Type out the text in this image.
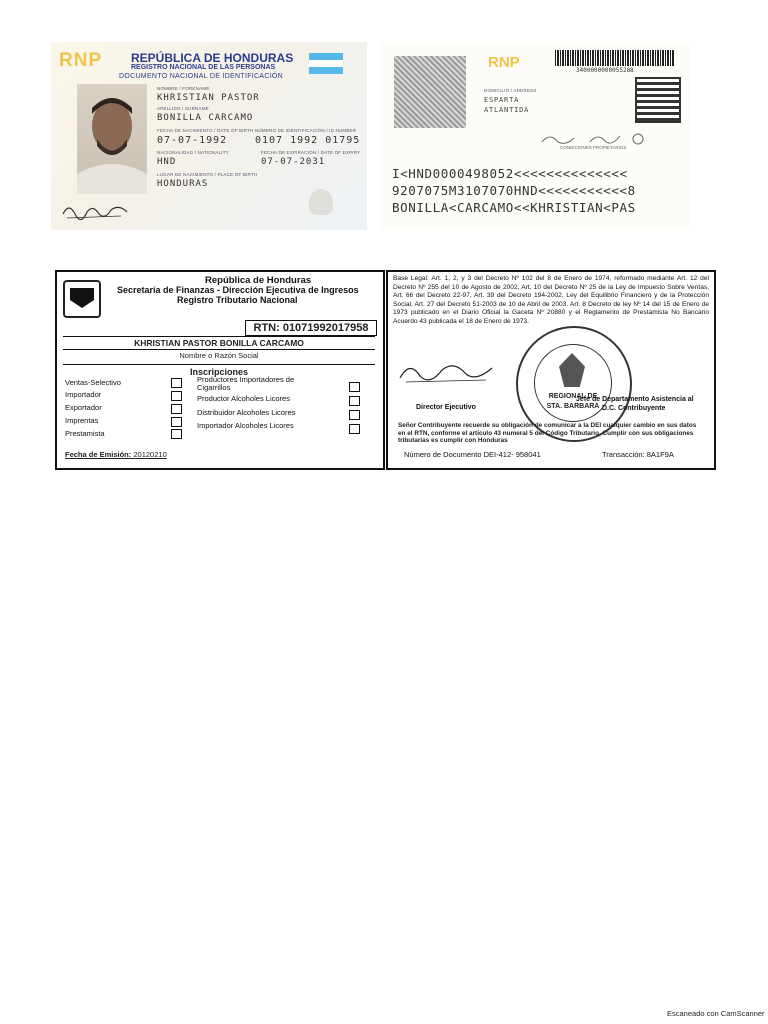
RNP REPÚBLICA DE HONDURAS
REGISTRO NACIONAL DE LAS PERSONAS
DOCUMENTO NACIONAL DE IDENTIFICACIÓN
NOMBRE / FORENAME
KHRISTIAN PASTOR
APELLIDO / SURNAME
BONILLA CARCAMO
FECHA DE NACIMIENTO / DATE OF BIRTH
07-07-1992
NÚMERO DE IDENTIFICACIÓN / ID NUMBER
0107 1992 01795
NACIONALIDAD / NATIONALITY
HND
FECHA DE EXPIRACIÓN / DATE OF EXPIRY
07-07-2031
LUGAR DE NACIMIENTO / PLACE OF BIRTH
HONDURAS
RNP	3400000000055288
DOMICILIO / ADDRESS
ESPARTA
ATLANTIDA
CONDICIONES PROPIETARIOS
I<HND0000498052<<<<<<<<<<<<<<
9207075M3107070HND<<<<<<<<<<<8
BONILLA<CARCAMO<<KHRISTIAN<PAS
República de Honduras
Secretaría de Finanzas - Dirección Ejecutiva de Ingresos
Registro Tributario Nacional
RTN: 01071992017958
KHRISTIAN PASTOR BONILLA CARCAMO
Nombre o Razón Social
Inscripciones
Ventas-Selectivo
Importador
Exportador
Imprentas
Prestamista
Productores Importadores de Cigarrillos
Productor Alcoholes Licores
Distribuidor Alcoholes Licores
Importador Alcoholes Licores
Fecha de Emisión: 20120210
Base Legal: Art. 1, 2, y 3 del Decreto Nº 102 del 8 de Enero de 1974, reformado mediante Art. 12 del Decreto Nº 255 del 10 de Agosto de 2002, Art. 10 del Decreto Nº 25 de la Ley de Impuesto Sobre Ventas, Art. 66 del Decreto 22-97, Art. 39 del Decreto 194-2002, Ley del Equilibrio Financiero y de la Protección Social, Art. 27 del Decreto 51-2003 de 10 de Abril de 2003. Art. 8 Decreto de ley Nº 14 del 15 de Enero de 1973 publicado en el Diario Oficial la Gaceta Nº 20880 y el Reglamento de Prestamista No Bancario Acuerdo 43 publicada el 18 de Enero de 1973.
REGIONAL DE
STA. BARBARA
Director Ejecutivo
Jefe de Departamento Asistencia al
D.C. Contribuyente
Señor Contribuyente recuerde su obligación de comunicar a la DEI cualquier cambio en sus datos en el RTN, conforme el artículo 43 numeral 5 del Código Tributario. Cumplir con sus obligaciones tributarias es cumplir con Honduras
Número de Documento DEI-412- 958041	Transacción: 8A1F9A
Escaneado con CamScanner
